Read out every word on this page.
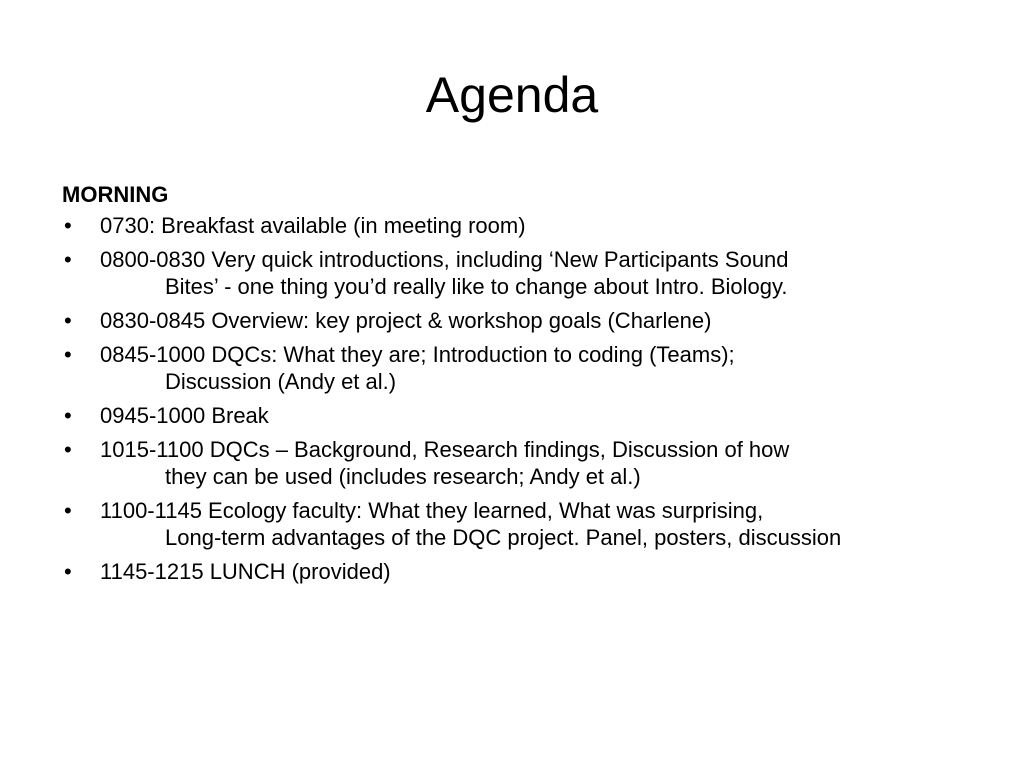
Agenda
MORNING
• 0730: Breakfast available (in meeting room)
• 0800-0830 Very quick introductions, including ‘New Participants Sound
Bites’ - one thing you’d really like to change about Intro. Biology.
• 0830-0845 Overview: key project & workshop goals (Charlene)
• 0845-1000 DQCs: What they are; Introduction to coding (Teams);
Discussion (Andy et al.)
• 0945-1000 Break
• 1015-1100 DQCs – Background, Research findings, Discussion of how
they can be used (includes research; Andy et al.)
• 1100-1145 Ecology faculty: What they learned, What was surprising,
Long-term advantages of the DQC project. Panel, posters, discussion
• 1145-1215 LUNCH (provided)
